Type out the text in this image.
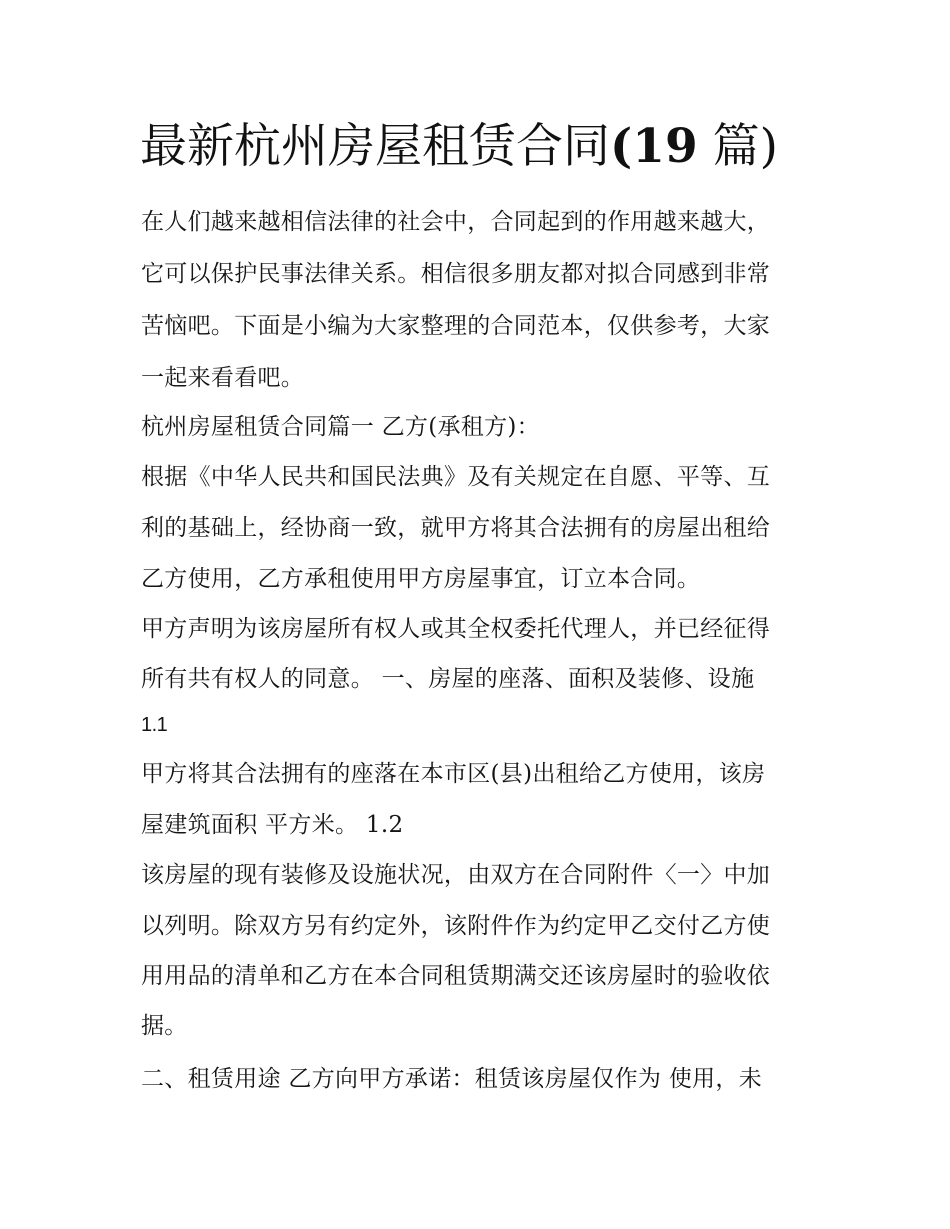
最新杭州房屋租赁合同(19 篇)
在人们越来越相信法律的社会中，合同起到的作用越来越大，
它可以保护民事法律关系。相信很多朋友都对拟合同感到非常
苦恼吧。下面是小编为大家整理的合同范本，仅供参考，大家
一起来看看吧。
杭州房屋租赁合同篇一 乙方(承租方)：
根据《中华人民共和国民法典》及有关规定在自愿、平等、互
利的基础上，经协商一致，就甲方将其合法拥有的房屋出租给
乙方使用，乙方承租使用甲方房屋事宜，订立本合同。
甲方声明为该房屋所有权人或其全权委托代理人，并已经征得
所有共有权人的同意。 一、房屋的座落、面积及装修、设施
1.1
甲方将其合法拥有的座落在本市区(县)出租给乙方使用，该房
屋建筑面积 平方米。 1.2
该房屋的现有装修及设施状况，由双方在合同附件〈一〉中加
以列明。除双方另有约定外，该附件作为约定甲乙交付乙方使
用用品的清单和乙方在本合同租赁期满交还该房屋时的验收依
据。
二、租赁用途 乙方向甲方承诺：租赁该房屋仅作为 使用，未
